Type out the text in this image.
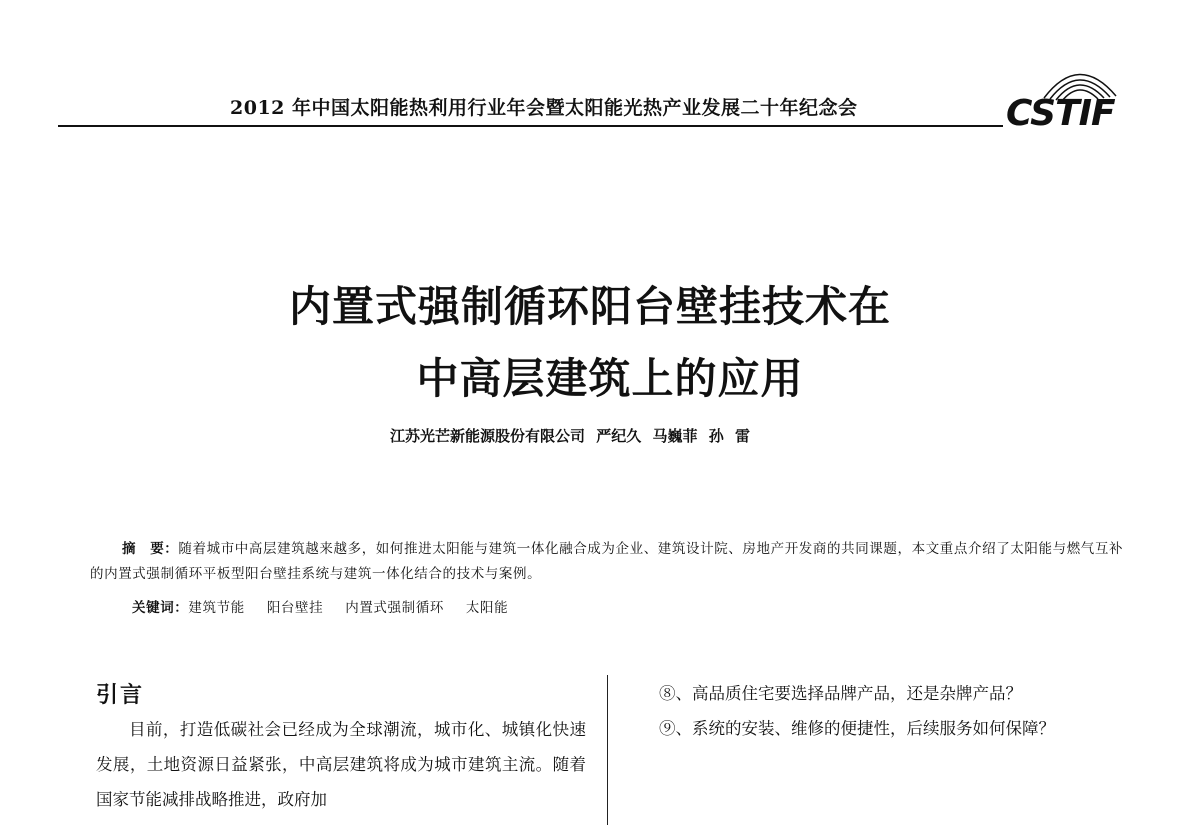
2012 年中国太阳能热利用行业年会暨太阳能光热产业发展二十年纪念会	CSTIF
内置式强制循环阳台壁挂技术在
中高层建筑上的应用
江苏光芒新能源股份有限公司 严纪久 马巍菲 孙 雷
摘　要：随着城市中高层建筑越来越多，如何推进太阳能与建筑一体化融合成为企业、建筑设计院、房地产开发商的共同课题，本文重点介绍了太阳能与燃气互补的内置式强制循环平板型阳台壁挂系统与建筑一体化结合的技术与案例。
关键词：建筑节能 阳台壁挂 内置式强制循环 太阳能
引言

目前，打造低碳社会已经成为全球潮流，城市化、城镇化快速发展，土地资源日益紧张，中高层建筑将成为城市建筑主流。随着国家节能减排战略推进，政府加

⑧、高品质住宅要选择品牌产品，还是杂牌产品？

⑨、系统的安装、维修的便捷性，后续服务如何保障？
